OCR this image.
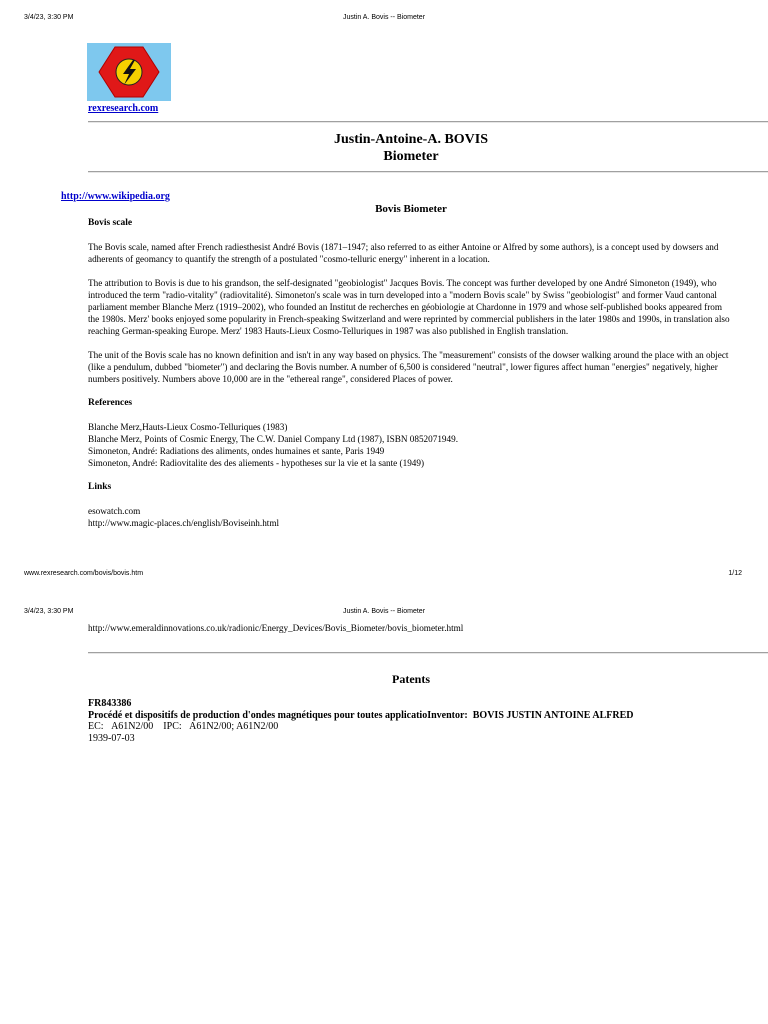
3/4/23, 3:30 PM	Justin A. Bovis -- Biometer
rexresearch.com
Justin-Antoine-A. BOVIS
Biometer
http://www.wikipedia.org
Bovis Biometer
Bovis scale

The Bovis scale, named after French radiesthesist André Bovis (1871–1947; also referred to as either Antoine or Alfred by some authors), is a concept used by dowsers and adherents of geomancy to quantify the strength of a postulated "cosmo-telluric energy" inherent in a location.

The attribution to Bovis is due to his grandson, the self-designated "geobiologist" Jacques Bovis. The concept was further developed by one André Simoneton (1949), who introduced the term "radio-vitality" (radiovitalité). Simoneton's scale was in turn developed into a "modern Bovis scale" by Swiss "geobiologist" and former Vaud cantonal parliament member Blanche Merz (1919–2002), who founded an Institut de recherches en géobiologie at Chardonne in 1979 and whose self-published books appeared from the 1980s. Merz' books enjoyed some popularity in French-speaking Switzerland and were reprinted by commercial publishers in the later 1980s and 1990s, in translation also reaching German-speaking Europe. Merz' 1983 Hauts-Lieux Cosmo-Telluriques in 1987 was also published in English translation.

The unit of the Bovis scale has no known definition and isn't in any way based on physics. The "measurement" consists of the dowser walking around the place with an object (like a pendulum, dubbed "biometer") and declaring the Bovis number. A number of 6,500 is considered "neutral", lower figures affect human "energies" negatively, higher numbers positively. Numbers above 10,000 are in the "ethereal range", considered Places of power.

References
Blanche Merz,Hauts-Lieux Cosmo-Telluriques (1983)
Blanche Merz, Points of Cosmic Energy, The C.W. Daniel Company Ltd (1987), ISBN 0852071949.
Simoneton, André: Radiations des aliments, ondes humaines et sante, Paris 1949
Simoneton, André: Radiovitalite des des aliements - hypotheses sur la vie et la sante (1949)
Links
esowatch.com
http://www.magic-places.ch/english/Boviseinh.html
www.rexresearch.com/bovis/bovis.htm	1/12
3/4/23, 3:30 PM	Justin A. Bovis -- Biometer
http://www.emeraldinnovations.co.uk/radionic/Energy_Devices/Bovis_Biometer/bovis_biometer.html
Patents
FR843386
Procédé et dispositifs de production d'ondes magnétiques pour toutes applicatioInventor: BOVIS JUSTIN ANTOINE ALFRED
EC: A61N2/00 IPC: A61N2/00; A61N2/00
1939-07-03
